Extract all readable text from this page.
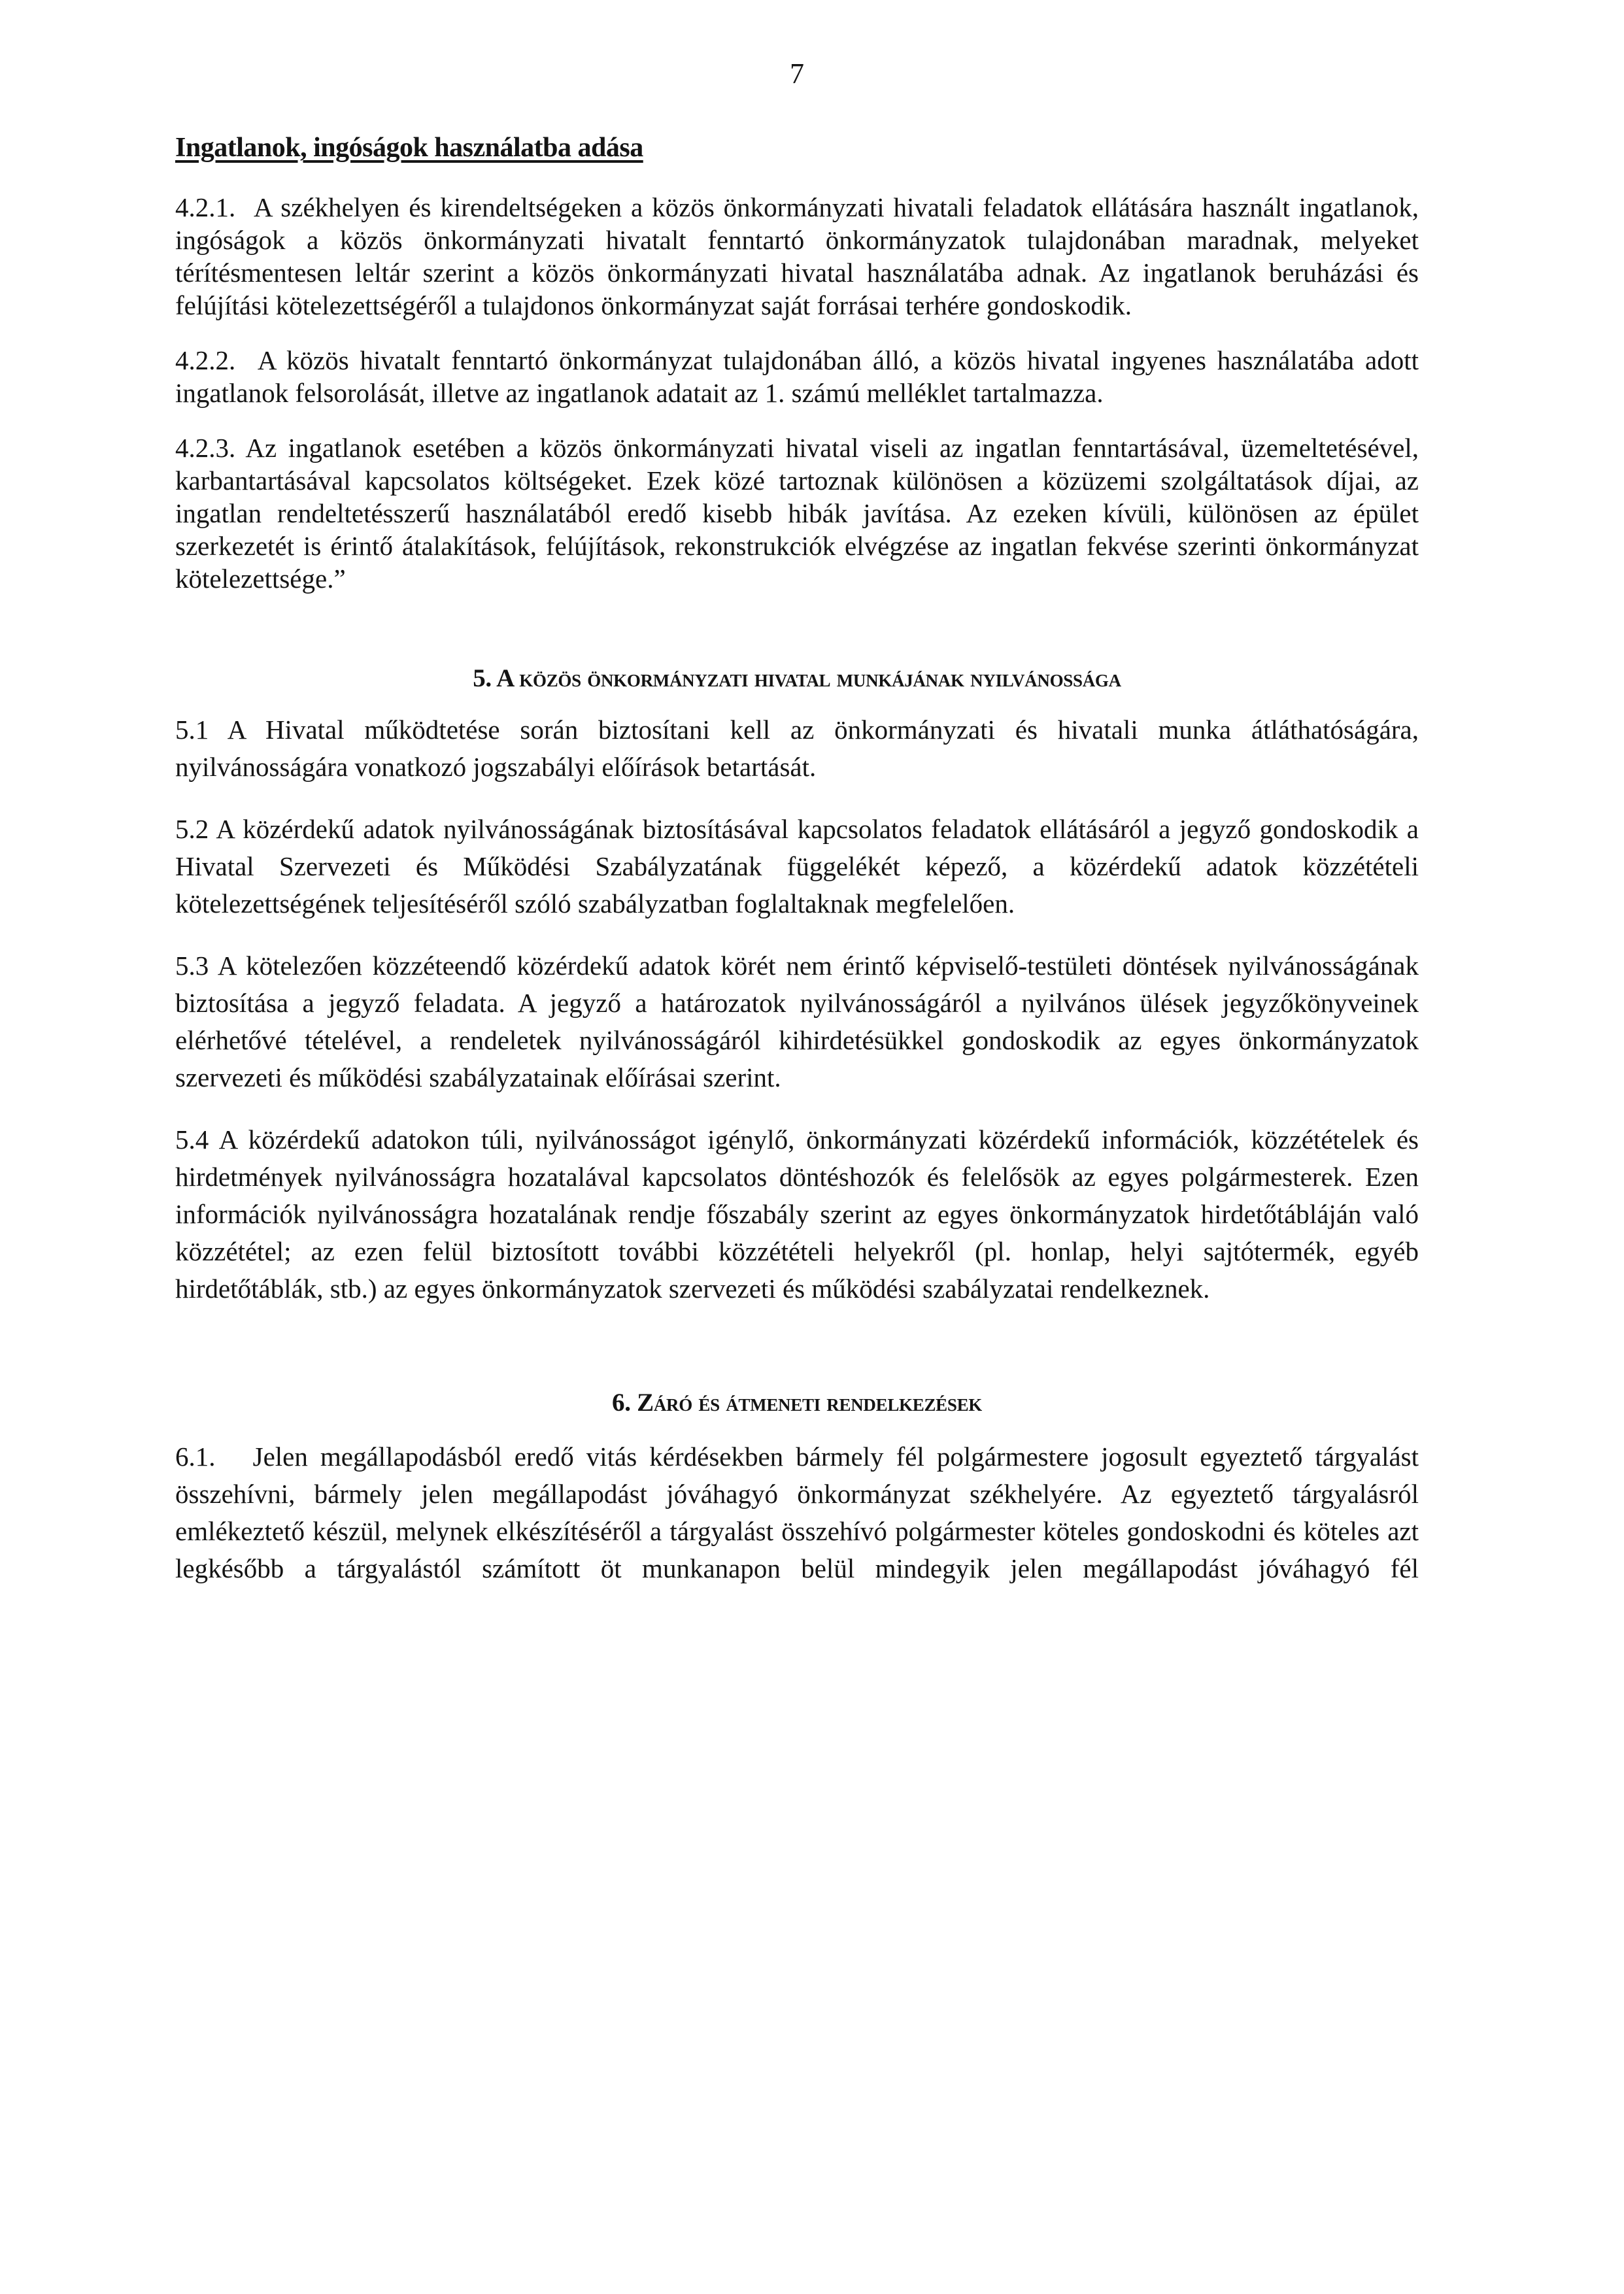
7
Ingatlanok, ingóságok használatba adása

4.2.1. A székhelyen és kirendeltségeken a közös önkormányzati hivatali feladatok ellátására használt ingatlanok, ingóságok a közös önkormányzati hivatalt fenntartó önkormányzatok tulajdonában maradnak, melyeket térítésmentesen leltár szerint a közös önkormányzati hivatal használatába adnak. Az ingatlanok beruházási és felújítási kötelezettségéről a tulajdonos önkormányzat saját forrásai terhére gondoskodik.

4.2.2. A közös hivatalt fenntartó önkormányzat tulajdonában álló, a közös hivatal ingyenes használatába adott ingatlanok felsorolását, illetve az ingatlanok adatait az 1. számú melléklet tartalmazza.

4.2.3. Az ingatlanok esetében a közös önkormányzati hivatal viseli az ingatlan fenntartásával, üzemeltetésével, karbantartásával kapcsolatos költségeket. Ezek közé tartoznak különösen a közüzemi szolgáltatások díjai, az ingatlan rendeltetésszerű használatából eredő kisebb hibák javítása. Az ezeken kívüli, különösen az épület szerkezetét is érintő átalakítások, felújítások, rekonstrukciók elvégzése az ingatlan fekvése szerinti önkormányzat kötelezettsége.”

5. A közös önkormányzati hivatal munkájának nyilvánossága

5.1 A Hivatal működtetése során biztosítani kell az önkormányzati és hivatali munka átláthatóságára, nyilvánosságára vonatkozó jogszabályi előírások betartását.

5.2 A közérdekű adatok nyilvánosságának biztosításával kapcsolatos feladatok ellátásáról a jegyző gondoskodik a Hivatal Szervezeti és Működési Szabályzatának függelékét képező, a közérdekű adatok közzétételi kötelezettségének teljesítéséről szóló szabályzatban foglaltaknak megfelelően.

5.3 A kötelezően közzéteendő közérdekű adatok körét nem érintő képviselő-testületi döntések nyilvánosságának biztosítása a jegyző feladata. A jegyző a határozatok nyilvánosságáról a nyilvános ülések jegyzőkönyveinek elérhetővé tételével, a rendeletek nyilvánosságáról kihirdetésükkel gondoskodik az egyes önkormányzatok szervezeti és működési szabályzatainak előírásai szerint.

5.4 A közérdekű adatokon túli, nyilvánosságot igénylő, önkormányzati közérdekű információk, közzétételek és hirdetmények nyilvánosságra hozatalával kapcsolatos döntéshozók és felelősök az egyes polgármesterek. Ezen információk nyilvánosságra hozatalának rendje főszabály szerint az egyes önkormányzatok hirdetőtábláján való közzététel; az ezen felül biztosított további közzétételi helyekről (pl. honlap, helyi sajtótermék, egyéb hirdetőtáblák, stb.) az egyes önkormányzatok szervezeti és működési szabályzatai rendelkeznek.

6. Záró és átmeneti rendelkezések

6.1. Jelen megállapodásból eredő vitás kérdésekben bármely fél polgármestere jogosult egyeztető tárgyalást összehívni, bármely jelen megállapodást jóváhagyó önkormányzat székhelyére. Az egyeztető tárgyalásról emlékeztető készül, melynek elkészítéséről a tárgyalást összehívó polgármester köteles gondoskodni és köteles azt legkésőbb a tárgyalástól számított öt munkanapon belül mindegyik jelen megállapodást jóváhagyó fél
